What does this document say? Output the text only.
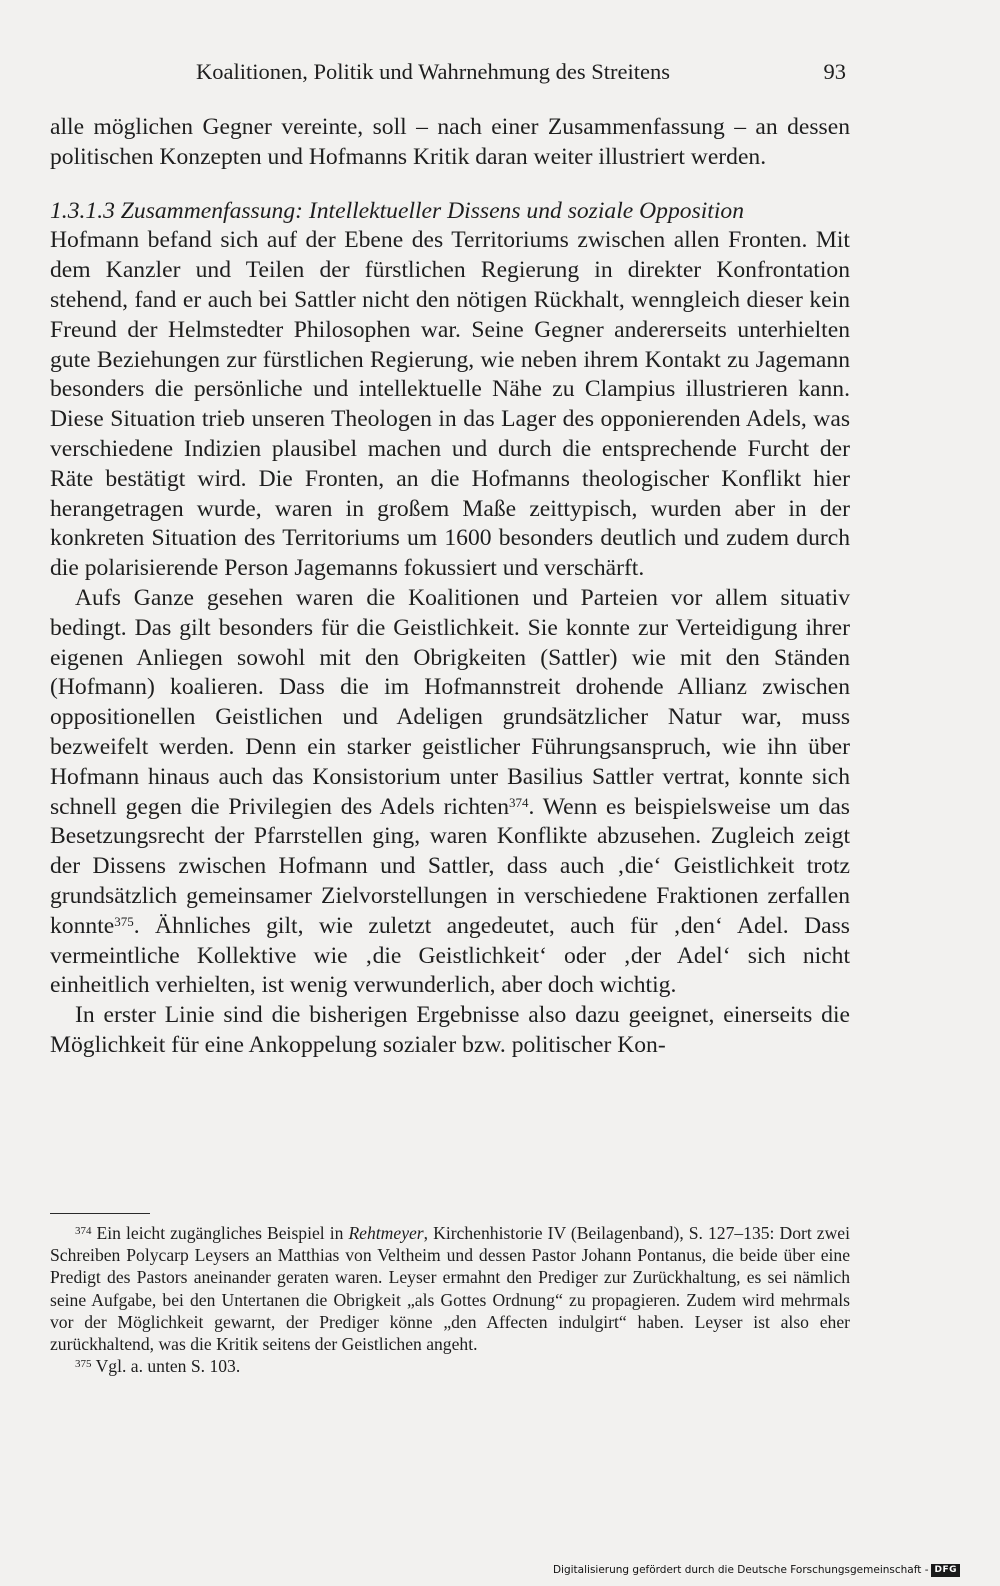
Koalitionen, Politik und Wahrnehmung des Streitens	93

alle möglichen Gegner vereinte, soll – nach einer Zusammenfassung – an dessen politischen Konzepten und Hofmanns Kritik daran weiter illustriert werden.

1.3.1.3 Zusammenfassung: Intellektueller Dissens und soziale Opposition

Hofmann befand sich auf der Ebene des Territoriums zwischen allen Fronten. Mit dem Kanzler und Teilen der fürstlichen Regierung in direkter Konfrontation stehend, fand er auch bei Sattler nicht den nötigen Rückhalt, wenngleich dieser kein Freund der Helmstedter Philosophen war. Seine Gegner andererseits unterhielten gute Beziehungen zur fürstlichen Regierung, wie neben ihrem Kontakt zu Jagemann besonders die persönliche und intellektuelle Nähe zu Clampius illustrieren kann. Diese Situation trieb unseren Theologen in das Lager des opponierenden Adels, was verschiedene Indizien plausibel machen und durch die entsprechende Furcht der Räte bestätigt wird. Die Fronten, an die Hofmanns theologischer Konflikt hier herangetragen wurde, waren in großem Maße zeittypisch, wurden aber in der konkreten Situation des Territoriums um 1600 besonders deutlich und zudem durch die polarisierende Person Jagemanns fokussiert und verschärft.

Aufs Ganze gesehen waren die Koalitionen und Parteien vor allem situativ bedingt. Das gilt besonders für die Geistlichkeit. Sie konnte zur Verteidigung ihrer eigenen Anliegen sowohl mit den Obrigkeiten (Sattler) wie mit den Ständen (Hofmann) koalieren. Dass die im Hofmannstreit drohende Allianz zwischen oppositionellen Geistlichen und Adeligen grundsätzlicher Natur war, muss bezweifelt werden. Denn ein starker geistlicher Führungsanspruch, wie ihn über Hofmann hinaus auch das Konsistorium unter Basilius Sattler vertrat, konnte sich schnell gegen die Privilegien des Adels richten$^{374}$. Wenn es beispielsweise um das Besetzungsrecht der Pfarrstellen ging, waren Konflikte abzusehen. Zugleich zeigt der Dissens zwischen Hofmann und Sattler, dass auch ‚die‘ Geistlichkeit trotz grundsätzlich gemeinsamer Zielvorstellungen in verschiedene Fraktionen zerfallen konnte$^{375}$. Ähnliches gilt, wie zuletzt angedeutet, auch für ‚den‘ Adel. Dass vermeintliche Kollektive wie ‚die Geistlichkeit‘ oder ‚der Adel‘ sich nicht einheitlich verhielten, ist wenig verwunderlich, aber doch wichtig.

In erster Linie sind die bisherigen Ergebnisse also dazu geeignet, einerseits die Möglichkeit für eine Ankoppelung sozialer bzw. politischer Kon-

$^{374}$ Ein leicht zugängliches Beispiel in Rehtmeyer, Kirchenhistorie IV (Beilagenband), S. 127–135: Dort zwei Schreiben Polycarp Leysers an Matthias von Veltheim und dessen Pastor Johann Pontanus, die beide über eine Predigt des Pastors aneinander geraten waren. Leyser ermahnt den Prediger zur Zurückhaltung, es sei nämlich seine Aufgabe, bei den Untertanen die Obrigkeit „als Gottes Ordnung“ zu propagieren. Zudem wird mehrmals vor der Möglichkeit gewarnt, der Prediger könne „den Affecten indulgirt“ haben. Leyser ist also eher zurückhaltend, was die Kritik seitens der Geistlichen angeht.

$^{375}$ Vgl. a. unten S. 103.

Digitalisierung gefördert durch die Deutsche Forschungsgemeinschaft - DFG
